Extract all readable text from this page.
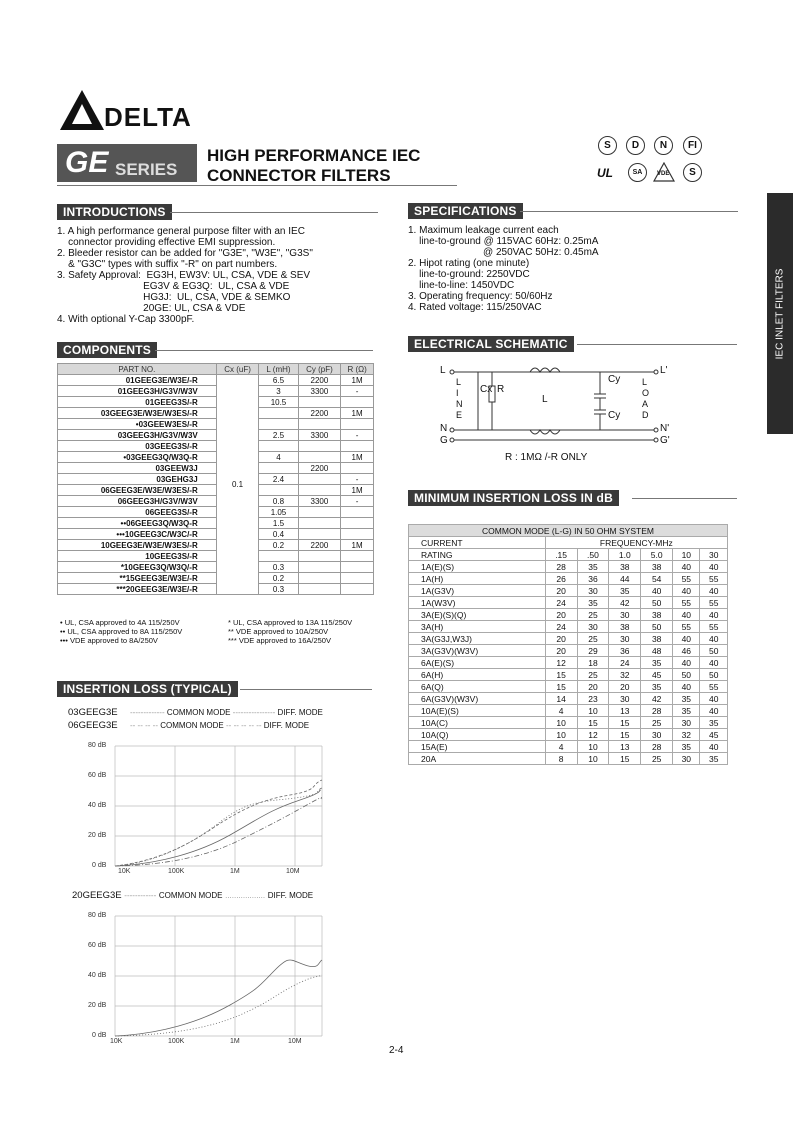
DELTA
GE SERIES
HIGH PERFORMANCE IEC
CONNECTOR FILTERS
S	D	N	FI
UL	SA	VDE	S
IEC INLET FILTERS
INTRODUCTIONS
1. A high performance general purpose filter with an IEC
connector providing effective EMI suppression.
2. Bleeder resistor can be added for "G3E", "W3E", "G3S"
& "G3C" types with suffix "-R" on part numbers.
3. Safety Approval:  EG3H, EW3V: UL, CSA, VDE & SEV
EG3V & EG3Q:  UL, CSA & VDE
HG3J:  UL, CSA, VDE & SEMKO
20GE: UL, CSA & VDE
4. With optional Y-Cap 3300pF.
SPECIFICATIONS
1. Maximum leakage current each
line-to-ground @ 115VAC 60Hz: 0.25mA
@ 250VAC 50Hz: 0.45mA
2. Hipot rating (one minute)
line-to-ground: 2250VDC
line-to-line: 1450VDC
3. Operating frequency: 50/60Hz
4. Rated voltage: 115/250VAC
COMPONENTS
PART NO.	Cx (uF)	L (mH)	Cy (pF)	R (Ω)
01GEEG3E/W3E/-R	0.1	6.5	2200	1M
01GEEG3H/G3V/W3V		3	3300	-
01GEEG3S/-R		10.5		
03GEEG3E/W3E/W3ES/-R			2200	1M
•03GEEW3ES/-R				
03GEEG3H/G3V/W3V		2.5	3300	-
03GEEG3S/-R				
•03GEEG3Q/W3Q-R		4		1M
03GEEW3J			2200	
03GEHG3J		2.4		-
06GEEG3E/W3E/W3ES/-R				1M
06GEEG3H/G3V/W3V		0.8	3300	-
06GEEG3S/-R		1.05		
••06GEEG3Q/W3Q-R		1.5		
•••10GEEG3C/W3C/-R		0.4		
10GEEG3E/W3E/W3ES/-R		0.2	2200	1M
10GEEG3S/-R				
*10GEEG3Q/W3Q/-R		0.3		
**15GEEG3E/W3E/-R		0.2		
***20GEEG3E/W3E/-R		0.3		
• UL, CSA approved to 4A 115/250V
•• UL, CSA approved to 8A 115/250V
••• VDE approved to 8A/250V
* UL, CSA approved to 13A 115/250V
** VDE approved to 10A/250V
*** VDE approved to 16A/250V
ELECTRICAL SCHEMATIC
L
N
G
L'
N'
G'
L
I
N
E
L
O
A
D
Cx R
L
Cy
Cy
R : 1MΩ /-R ONLY
MINIMUM INSERTION LOSS IN dB
COMMON MODE (L-G) IN 50 OHM SYSTEM						
CURRENT	FREQUENCY-MHz					
RATING	.15	.50	1.0	5.0	10	30
1A(E)(S)	28	35	38	38	40	40
1A(H)	26	36	44	54	55	55
1A(G3V)	20	30	35	40	40	40
1A(W3V)	24	35	42	50	55	55
3A(E)(S)(Q)	20	25	30	38	40	40
3A(H)	24	30	38	50	55	55
3A(G3J,W3J)	20	25	30	38	40	40
3A(G3V)(W3V)	20	29	36	48	46	50
6A(E)(S)	12	18	24	35	40	40
6A(H)	15	25	32	45	50	50
6A(Q)	15	20	20	35	40	55
6A(G3V)(W3V)	14	23	30	42	35	40
10A(E)(S)	4	10	13	28	35	40
10A(C)	10	15	15	25	30	35
10A(Q)	10	12	15	30	32	45
15A(E)	4	10	13	28	35	40
20A	8	10	15	25	30	35
INSERTION LOSS (TYPICAL)
03GEEG3E
06GEEG3E
------------- COMMON MODE ---------------- DIFF. MODE
-- -- -- -- COMMON MODE -- -- -- -- -- DIFF. MODE
80 dB
60 dB
40 dB
20 dB
0 dB
10K	100K	1M	10M
20GEEG3E ------------ COMMON MODE .................. DIFF. MODE
80 dB
60 dB
40 dB
20 dB
0 dB
10K	100K	1M	10M
2-4
